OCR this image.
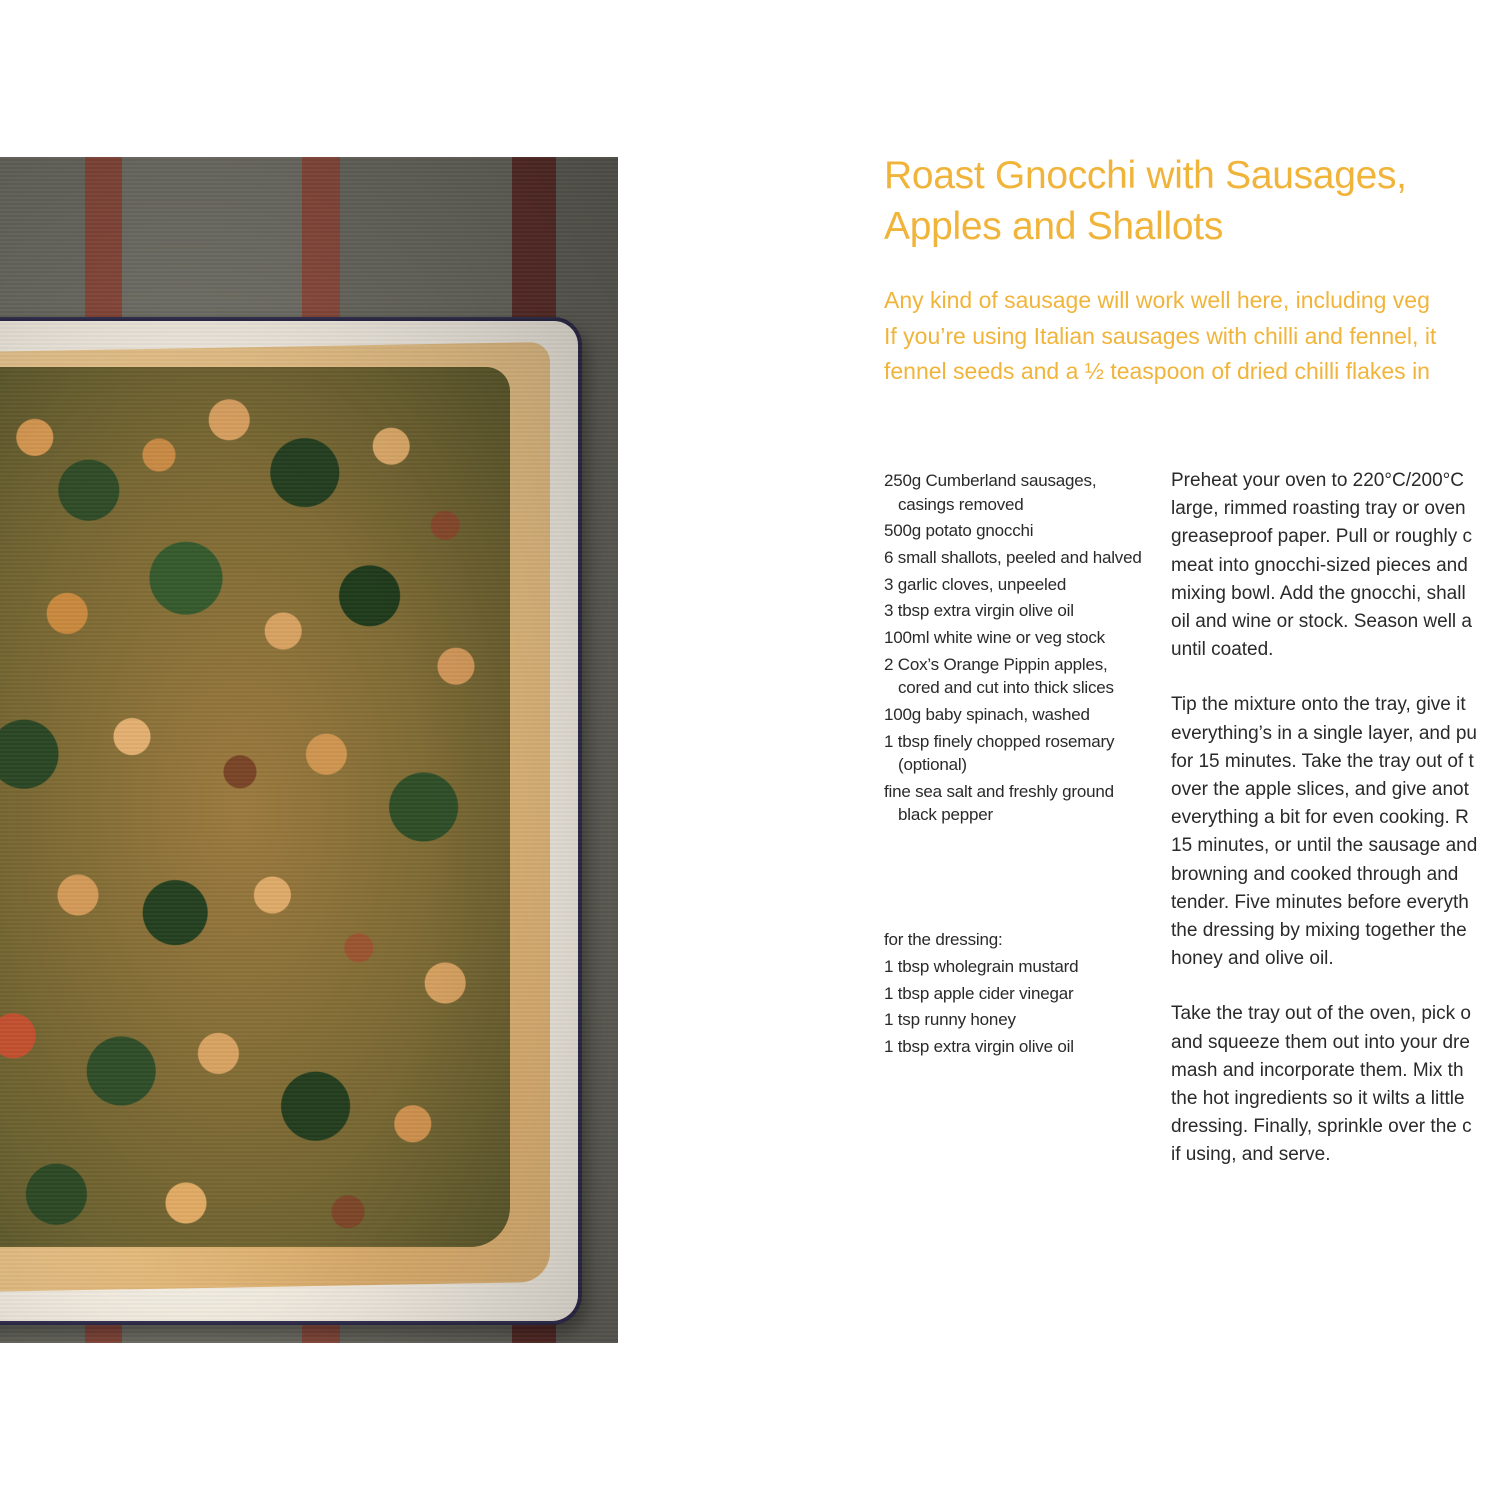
Roast Gnocchi with Sausages,
Apples and Shallots

Any kind of sausage will work well here, including veg
If you’re using Italian sausages with chilli and fennel, it
fennel seeds and a ½ teaspoon of dried chilli flakes in

250g Cumberland sausages, casings removed
500g potato gnocchi
6 small shallots, peeled and halved
3 garlic cloves, unpeeled
3 tbsp extra virgin olive oil
100ml white wine or veg stock
2 Cox’s Orange Pippin apples, cored and cut into thick slices
100g baby spinach, washed
1 tbsp finely chopped rosemary (optional)
fine sea salt and freshly ground black pepper
for the dressing:
1 tbsp wholegrain mustard
1 tbsp apple cider vinegar
1 tsp runny honey
1 tbsp extra virgin olive oil

Preheat your oven to 220°C/200°C
large, rimmed roasting tray or oven
greaseproof paper. Pull or roughly c
meat into gnocchi-sized pieces and
mixing bowl. Add the gnocchi, shall
oil and wine or stock. Season well a
until coated.

Tip the mixture onto the tray, give it
everything’s in a single layer, and pu
for 15 minutes. Take the tray out of t
over the apple slices, and give anot
everything a bit for even cooking. R
15 minutes, or until the sausage and
browning and cooked through and
tender. Five minutes before everyth
the dressing by mixing together the
honey and olive oil.

Take the tray out of the oven, pick o
and squeeze them out into your dre
mash and incorporate them. Mix th
the hot ingredients so it wilts a little
dressing. Finally, sprinkle over the c
if using, and serve.
